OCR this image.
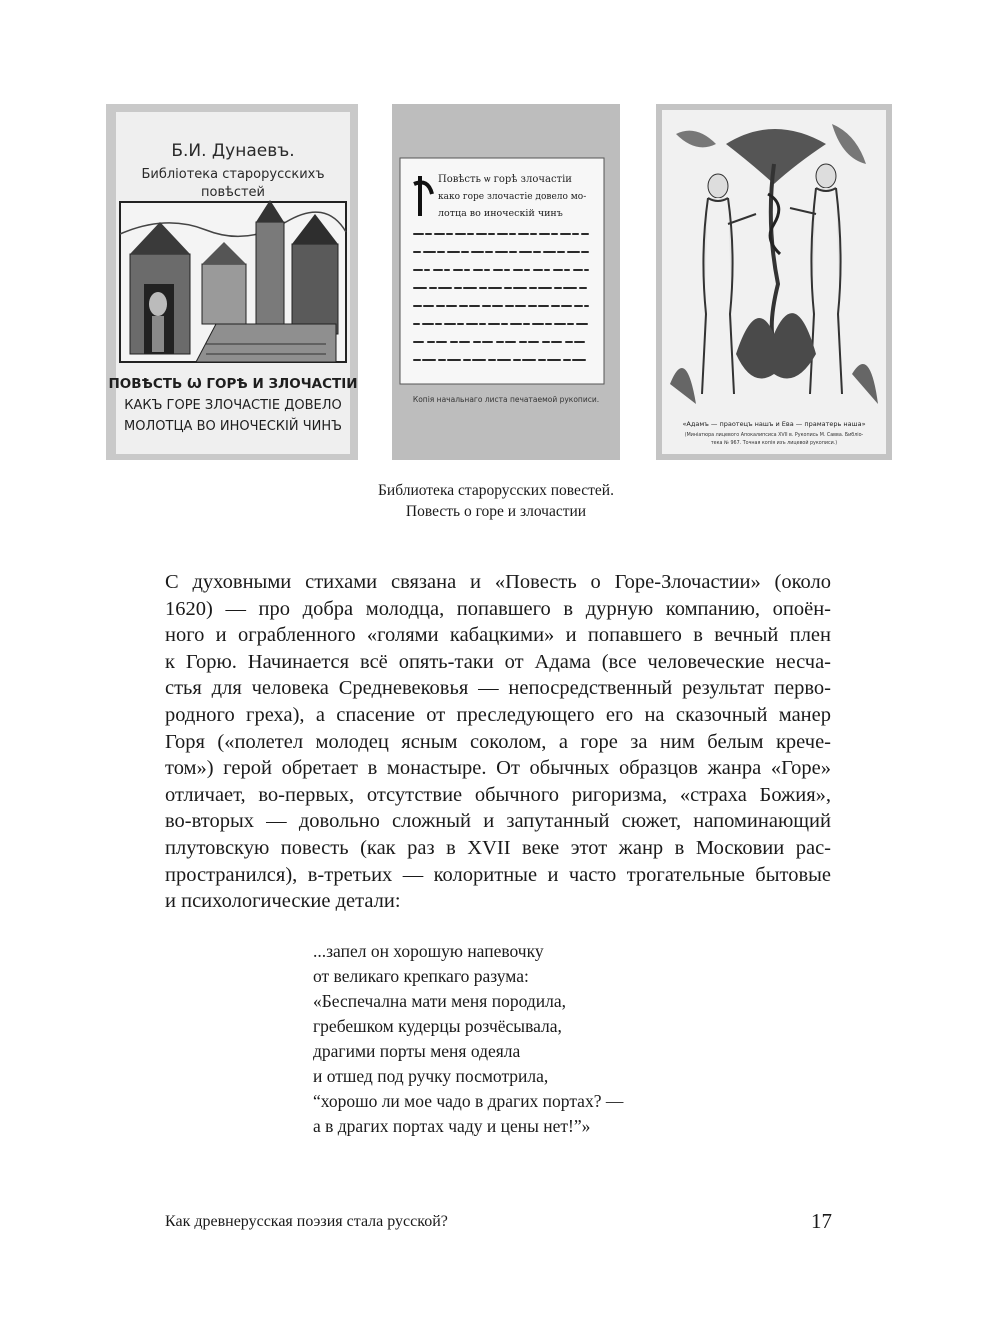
Б.И. Дунаевъ.
Библіотека старорусскихъ
повѣстей
ПОВѢСТЬ Ѡ ГОРѢ И ЗЛОЧАСТІИ
КАКЪ ГОРЕ ЗЛОЧАСТІЕ ДОВЕЛО
МОЛОТЦА ВО ИНОЧЕСКІЙ ЧИНЪ
Повѣсть ѡ горѣ злочастіи
како горе злочастіе довело мо-
лотца во иноческій чинъ
Копія начальнаго листа печатаемой рукописи.
«Адамъ — праотецъ нашъ и Ева — праматерь наша»
(Миніатюра лицевого Апокалипсиса XVII в. Рукопись М. Савва. Библіо-
тека № 967. Точная копія изъ лицевой рукописи.)
Библиотека старорусских повестей.
Повесть о горе и злочастии
С духовными стихами связана и «Повесть о Горе-Злочастии» (около
1620) — про добра молодца, попавшего в дурную компанию, опоён-
ного и ограбленного «голями кабацкими» и попавшего в вечный плен
к Горю. Начинается всё опять-таки от Адама (все человеческие несча-
стья для человека Средневековья — непосредственный результат перво-
родного греха), а спасение от преследующего его на сказочный манер
Горя («полетел молодец ясным соколом, а горе за ним белым кречe-
том») герой обретает в монастыре. От обычных образцов жанра «Горе»
отличает, во-первых, отсутствие обычного ригоризма, «страха Божия»,
во-вторых — довольно сложный и запутанный сюжет, напоминающий
плутовскую повесть (как раз в XVII веке этот жанр в Московии рас-
пространился), в-третьих — колоритные и часто трогательные бытовые
и психологические детали:
...запел он хорошую напевочку
от великаго крепкаго разума:
«Беспечална мати меня породила,
гребешком кудерцы розчёсывала,
драгими порты меня одеяла
и отшед под ручку посмотрила,
“хорошо ли мое чадо в драгих портах? —
а в драгих портах чаду и цены нет!”»
Как древнерусская поэзия стала русской?	17
